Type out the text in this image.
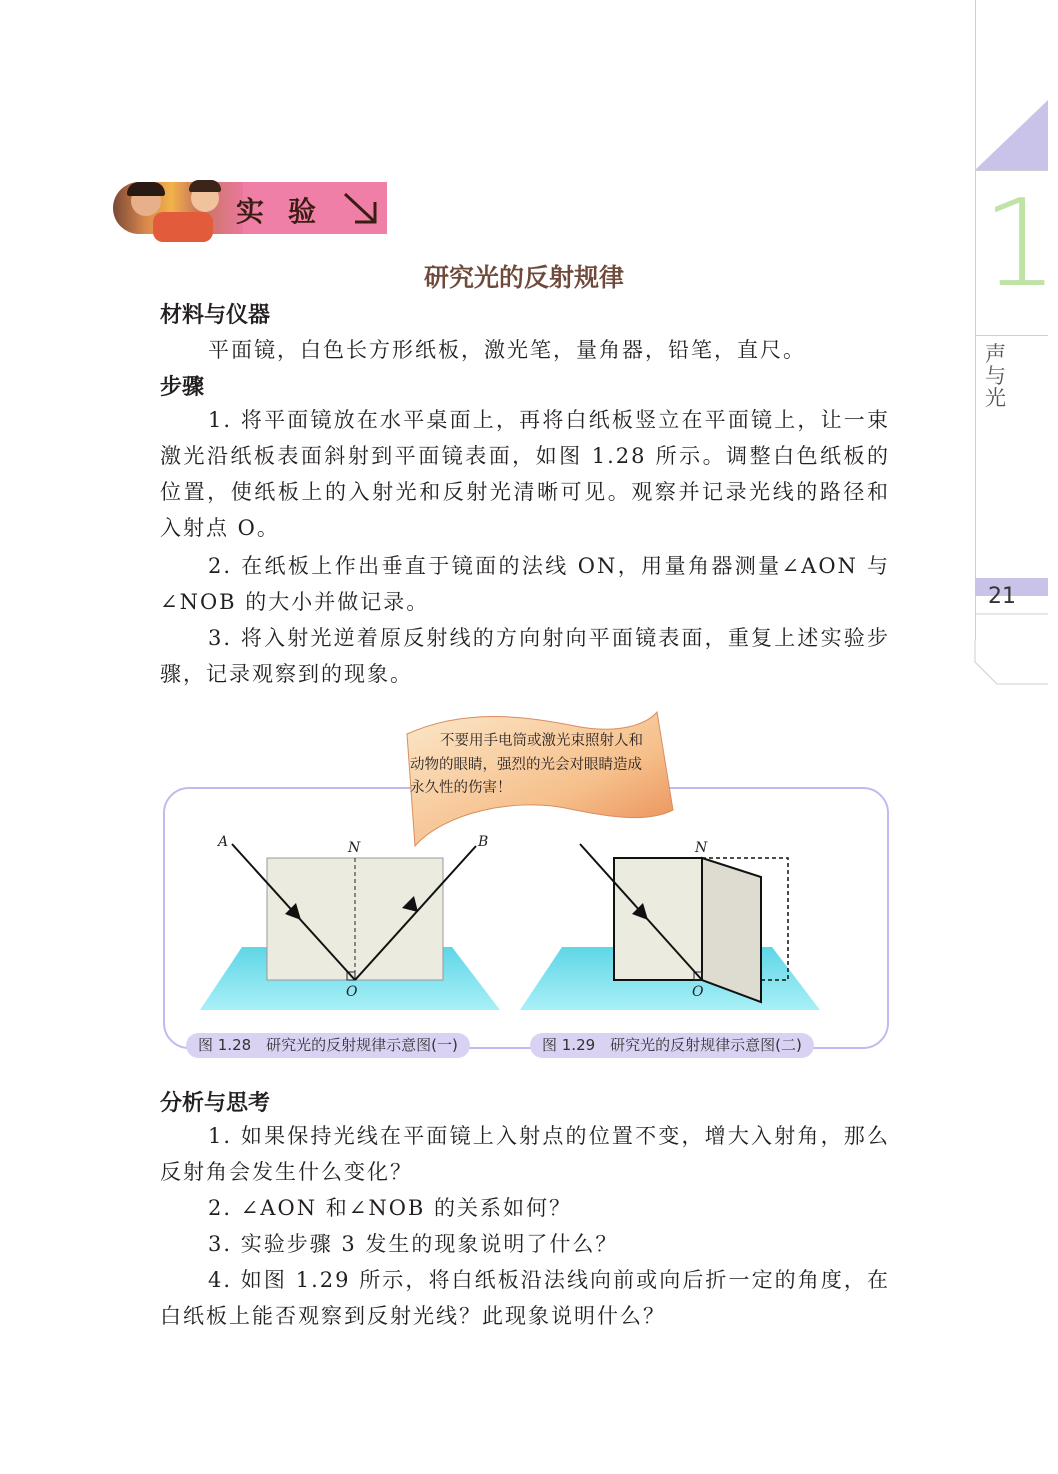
1
声
与
光
21
实验
研究光的反射规律
材料与仪器
平面镜，白色长方形纸板，激光笔，量角器，铅笔，直尺。
步骤
1. 将平面镜放在水平桌面上，再将白纸板竖立在平面镜上，让一束激光沿纸板表面斜射到平面镜表面，如图 1.28 所示。调整白色纸板的位置，使纸板上的入射光和反射光清晰可见。观察并记录光线的路径和入射点 O。
2. 在纸板上作出垂直于镜面的法线 ON，用量角器测量∠AON 与∠NOB 的大小并做记录。
3. 将入射光逆着原反射线的方向射向平面镜表面，重复上述实验步骤，记录观察到的现象。
A	B
N
O
N
O
不要用手电筒或激光束照射人和动物的眼睛，强烈的光会对眼睛造成永久性的伤害！
图 1.28　研究光的反射规律示意图(一)	图 1.29　研究光的反射规律示意图(二)
分析与思考
1. 如果保持光线在平面镜上入射点的位置不变，增大入射角，那么反射角会发生什么变化？
2. ∠AON 和∠NOB 的关系如何？
3. 实验步骤 3 发生的现象说明了什么？
4. 如图 1.29 所示，将白纸板沿法线向前或向后折一定的角度，在白纸板上能否观察到反射光线？此现象说明什么？
